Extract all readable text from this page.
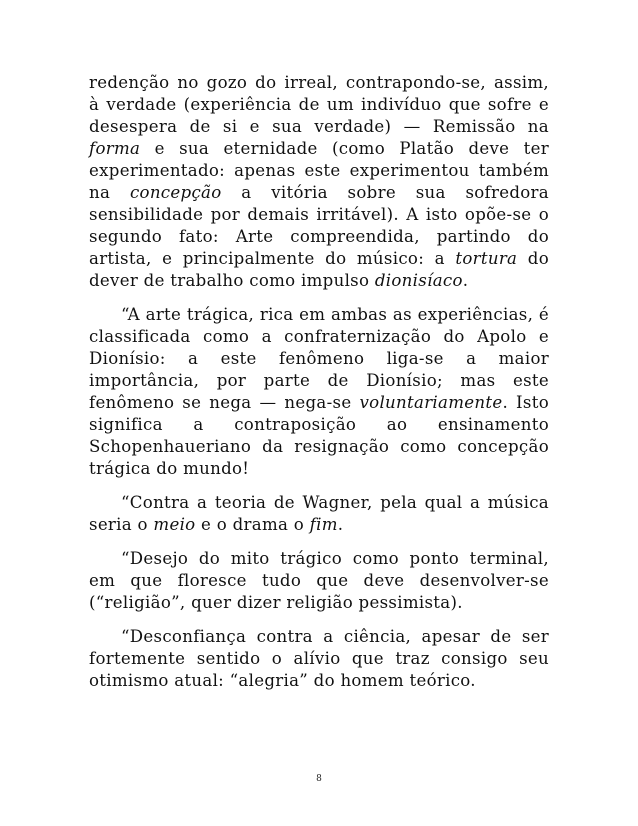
redenção no gozo do irreal, contrapondo-se, assim, à verdade (experiência de um indivíduo que sofre e desespera de si e sua verdade) — Remissão na forma e sua eternidade (como Platão deve ter experimentado: apenas este experimentou também na concepção a vitória sobre sua sofredora sensibilidade por demais irritável). A isto opõe-se o segundo fato: Arte compreendida, partindo do artista, e principalmente do músico: a tortura do dever de trabalho como impulso dionisíaco.

“A arte trágica, rica em ambas as experiências, é classificada como a confraternização do Apolo e Dionísio: a este fenômeno liga-se a maior importância, por parte de Dionísio; mas este fenômeno se nega — nega-se voluntariamente. Isto significa a contraposição ao ensinamento Schopenhaueriano da resignação como concepção trágica do mundo!

“Contra a teoria de Wagner, pela qual a música seria o meio e o drama o fim.

“Desejo do mito trágico como ponto terminal, em que floresce tudo que deve desenvolver-se (“religião”, quer dizer religião pessimista).

“Desconfiança contra a ciência, apesar de ser fortemente sentido o alívio que traz consigo seu otimismo atual: “alegria” do homem teórico.

8
